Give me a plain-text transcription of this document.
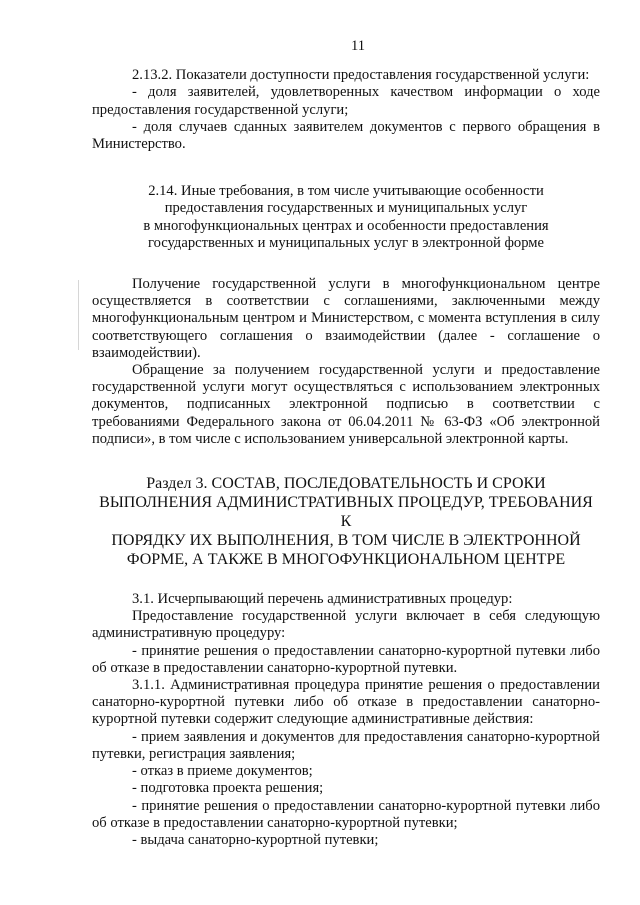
11

2.13.2. Показатели доступности предоставления государственной услуги:

- доля заявителей, удовлетворенных качеством информации о ходе предоставления государственной услуги;

- доля случаев сданных заявителем документов с первого обращения в Министерство.

2.14. Иные требования, в том числе учитывающие особенности

предоставления государственных и муниципальных услуг

в многофункциональных центрах и особенности предоставления

государственных и муниципальных услуг в электронной форме

Получение государственной услуги в многофункциональном центре осуществляется в соответствии с соглашениями, заключенными между многофункциональным центром и Министерством, с момента вступления в силу соответствующего соглашения о взаимодействии (далее - соглашение о взаимодействии).

Обращение за получением государственной услуги и предоставление государственной услуги могут осуществляться с использованием электронных документов, подписанных электронной подписью в соответствии с требованиями Федерального закона от 06.04.2011 № 63-ФЗ «Об электронной подписи», в том числе с использованием универсальной электронной карты.

Раздел 3. СОСТАВ, ПОСЛЕДОВАТЕЛЬНОСТЬ И СРОКИ

ВЫПОЛНЕНИЯ АДМИНИСТРАТИВНЫХ ПРОЦЕДУР, ТРЕБОВАНИЯ К

ПОРЯДКУ ИХ ВЫПОЛНЕНИЯ, В ТОМ ЧИСЛЕ В ЭЛЕКТРОННОЙ

ФОРМЕ, А ТАКЖЕ В МНОГОФУНКЦИОНАЛЬНОМ ЦЕНТРЕ

3.1. Исчерпывающий перечень административных процедур:

Предоставление государственной услуги включает в себя следующую административную процедуру:

- принятие решения о предоставлении санаторно-курортной путевки либо об отказе в предоставлении санаторно-курортной путевки.

3.1.1. Административная процедура принятие решения о предоставлении санаторно-курортной путевки либо об отказе в предоставлении санаторно-курортной путевки содержит следующие административные действия:

- прием заявления и документов для предоставления санаторно-курортной путевки, регистрация заявления;

- отказ в приеме документов;

- подготовка проекта решения;

- принятие решения о предоставлении санаторно-курортной путевки либо об отказе в предоставлении санаторно-курортной путевки;

- выдача санаторно-курортной путевки;
